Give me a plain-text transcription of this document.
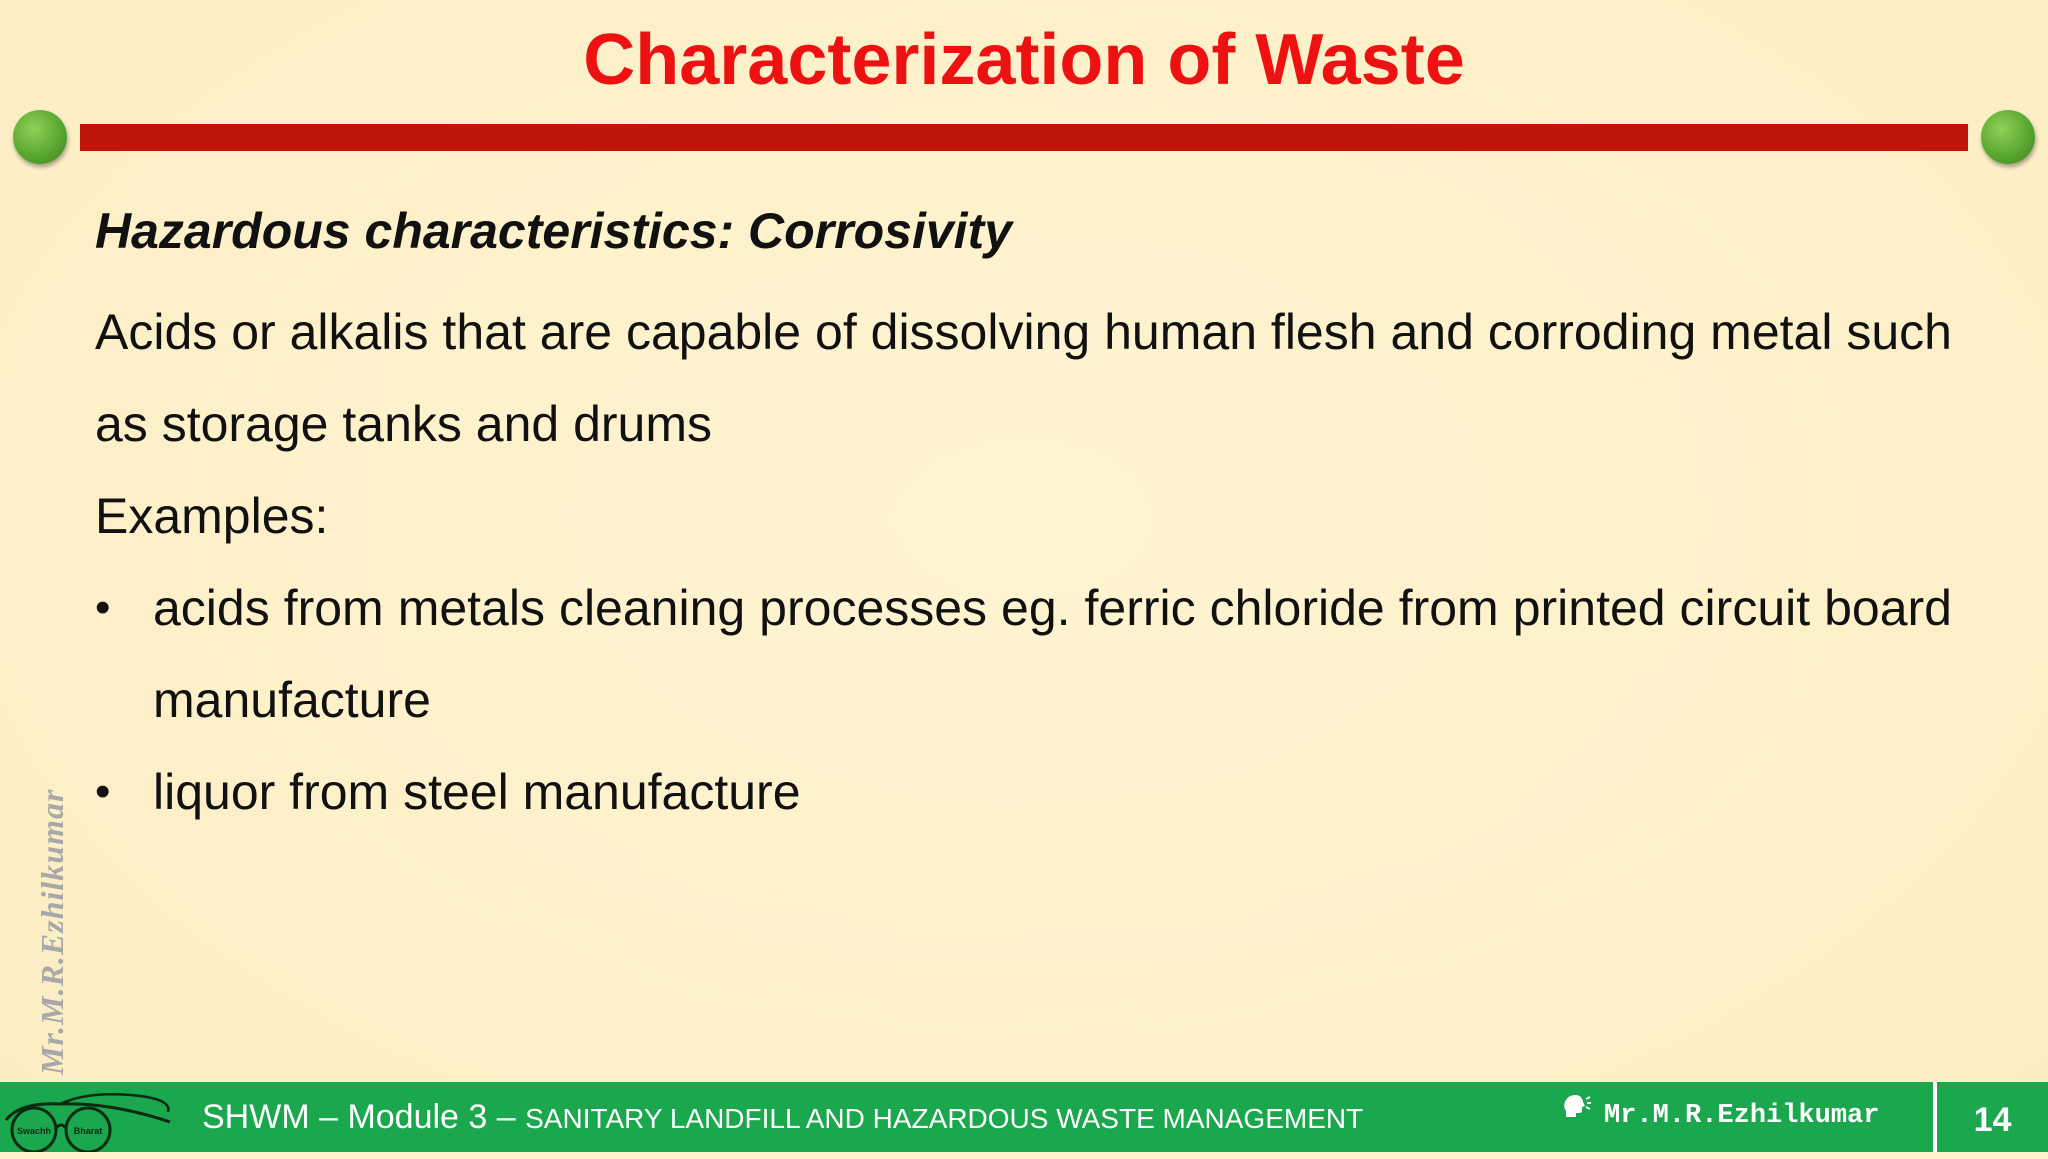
Characterization of Waste

Hazardous characteristics: Corrosivity

Acids or alkalis that are capable of dissolving human flesh and corroding metal such as storage tanks and drums

Examples:

• acids from metals cleaning processes eg. ferric chloride from printed circuit board manufacture
• liquor from steel manufacture
Mr.M.R.Ezhilkumar
Swachh	Bharat	SHWM – Module 3 – SANITARY LANDFILL AND HAZARDOUS WASTE MANAGEMENT	Mr.M.R.Ezhilkumar	14
